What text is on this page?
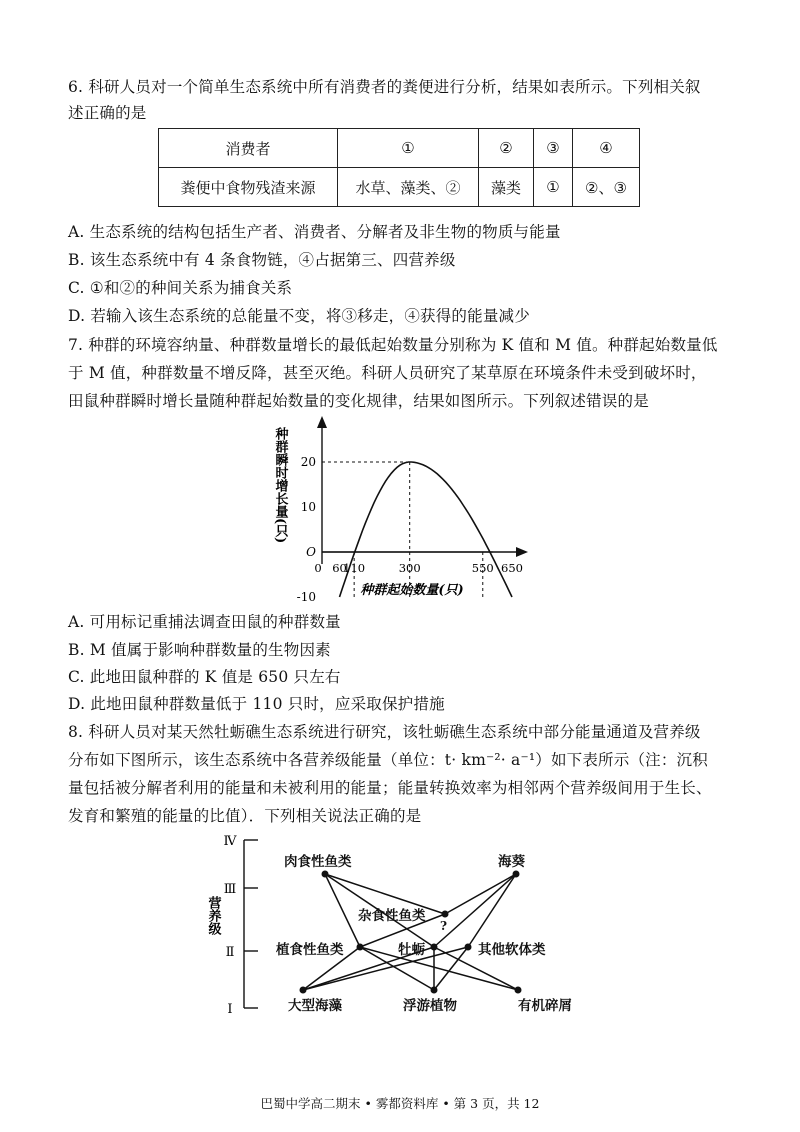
6. 科研人员对一个简单生态系统中所有消费者的粪便进行分析，结果如表所示。下列相关叙
述正确的是
消费者	①	②	③	④
粪便中食物残渣来源	水草、藻类、②	藻类	①	②、③
A. 生态系统的结构包括生产者、消费者、分解者及非生物的物质与能量
B. 该生态系统中有 4 条食物链，④占据第三、四营养级
C. ①和②的种间关系为捕食关系
D. 若输入该生态系统的总能量不变，将③移走，④获得的能量减少
7. 种群的环境容纳量、种群数量增长的最低起始数量分别称为 K 值和 M 值。种群起始数量低
于 M 值，种群数量不增反降，甚至灭绝。科研人员研究了某草原在环境条件未受到破坏时，
田鼠种群瞬时增长量随种群起始数量的变化规律，结果如图所示。下列叙述错误的是
种群瞬时增长量(只)
-10
O
10
20
0 60
110	300	550 650
种群起始数量(只)
A. 可用标记重捕法调查田鼠的种群数量
B. M 值属于影响种群数量的生物因素
C. 此地田鼠种群的 K 值是 650 只左右
D. 此地田鼠种群数量低于 110 只时，应采取保护措施
8. 科研人员对某天然牡蛎礁生态系统进行研究，该牡蛎礁生态系统中部分能量通道及营养级
分布如下图所示，该生态系统中各营养级能量（单位：t· km⁻²· a⁻¹）如下表所示（注：沉积
量包括被分解者利用的能量和未被利用的能量；能量转换效率为相邻两个营养级间用于生长、
发育和繁殖的能量的比值）．下列相关说法正确的是
Ⅳ
Ⅲ
Ⅱ
Ⅰ
营养级
肉食性鱼类	海葵
杂食性鱼类
?
植食性鱼类	牡蛎	其他软体类
大型海藻	浮游植物	有机碎屑
巴蜀中学高二期末 • 雾都资料库 • 第 3 页，共 12
